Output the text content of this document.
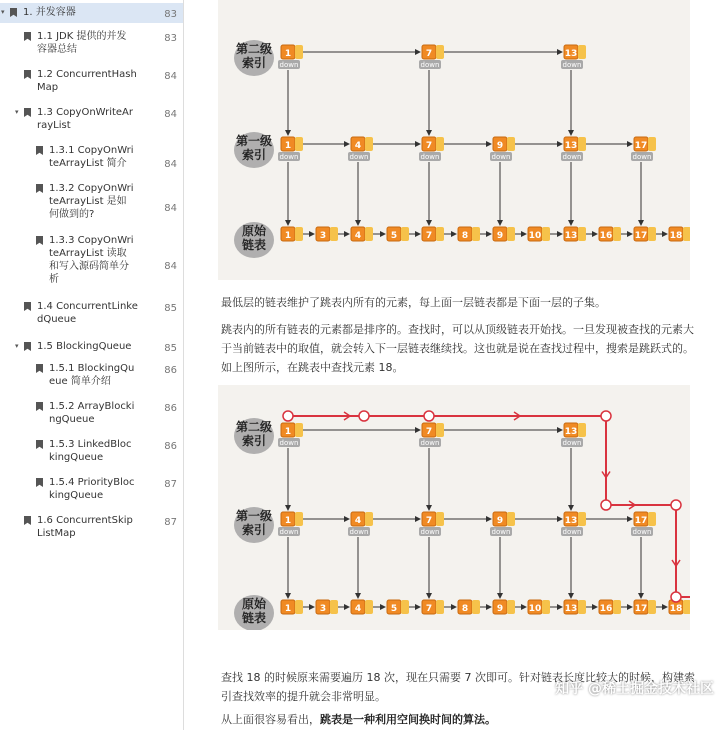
▾ 1. 并发容器	83
1.1 JDK 提供的并发
容器总结
83
1.2 ConcurrentHash
Map
84
▾ 1.3 CopyOnWriteAr
rayList
84
1.3.1 CopyOnWri
teArrayList 简介	84
1.3.2 CopyOnWri
teArrayList 是如
何做到的?
84
1.3.3 CopyOnWri
teArrayList 读取
和写入源码简单分
析
84
1.4 ConcurrentLinke
dQueue
85
▾ 1.5 BlockingQueue	85
1.5.1 BlockingQu
eue 简单介绍
86
1.5.2 ArrayBlocki
ngQueue
86
1.5.3 LinkedBloc
kingQueue
86
1.5.4 PriorityBloc
kingQueue
87
1.6 ConcurrentSkip
ListMap
87
第二级
索引
第一级
索引
原始
链表
1
down
7
down
13
down
1
down
4
down
7
down
9
down
13
down
17
down
1	3	4	5	7	8	9	10	13 16 17 18
最低层的链表维护了跳表内所有的元素，每上面一层链表都是下面一层的子集。
跳表内的所有链表的元素都是排序的。查找时，可以从顶级链表开始找。一旦发现被查找的元素大于当前链表中的取值，就会转入下一层链表继续找。这也就是说在查找过程中，搜索是跳跃式的。如上图所示，在跳表中查找元素 18。
第二级
索引
第一级
索引
原始
链表
1
down
7
down
13
down
1
down
4
down
7
down
9
down
13
down
17
down
1	3	4	5	7	8	9	10	13 16 17 18
查找 18 的时候原来需要遍历 18 次，现在只需要 7 次即可。针对链表长度比较大的时候，构建索引查找效率的提升就会非常明显。
从上面很容易看出，跳表是一种利用空间换时间的算法。
知乎 @稀土掘金技术社区
